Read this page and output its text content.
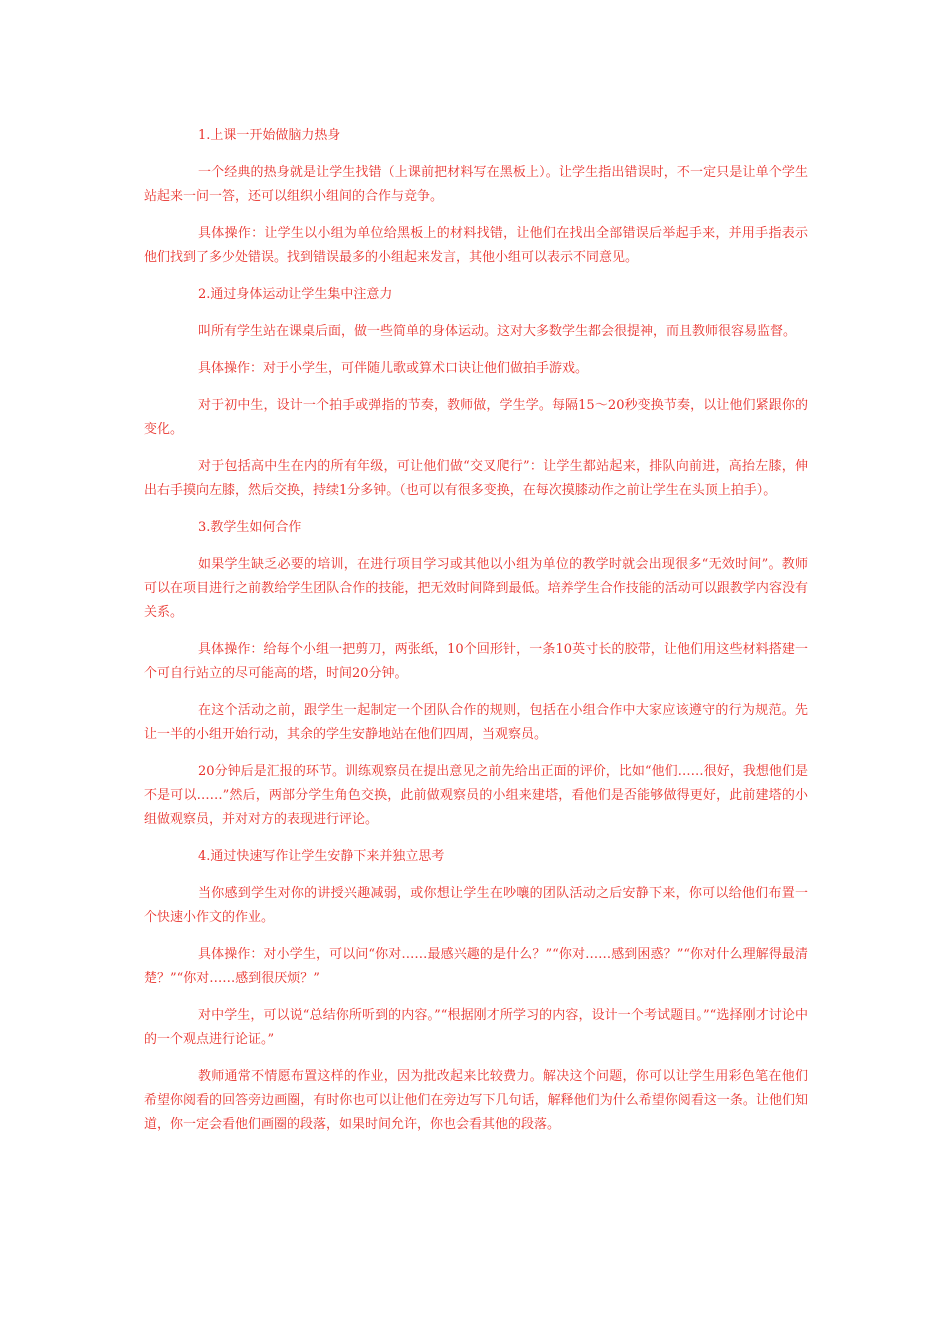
1.上课一开始做脑力热身

一个经典的热身就是让学生找错（上课前把材料写在黑板上）。让学生指出错误时，不一定只是让单个学生站起来一问一答，还可以组织小组间的合作与竞争。

具体操作：让学生以小组为单位给黑板上的材料找错，让他们在找出全部错误后举起手来，并用手指表示他们找到了多少处错误。找到错误最多的小组起来发言，其他小组可以表示不同意见。

2.通过身体运动让学生集中注意力

叫所有学生站在课桌后面，做一些简单的身体运动。这对大多数学生都会很提神，而且教师很容易监督。

具体操作：对于小学生，可伴随儿歌或算术口诀让他们做拍手游戏。

对于初中生，设计一个拍手或弹指的节奏，教师做，学生学。每隔15～20秒变换节奏，以让他们紧跟你的变化。

对于包括高中生在内的所有年级，可让他们做“交叉爬行”：让学生都站起来，排队向前进，高抬左膝，伸出右手摸向左膝，然后交换，持续1分多钟。（也可以有很多变换，在每次摸膝动作之前让学生在头顶上拍手）。

3.教学生如何合作

如果学生缺乏必要的培训，在进行项目学习或其他以小组为单位的教学时就会出现很多“无效时间”。教师可以在项目进行之前教给学生团队合作的技能，把无效时间降到最低。培养学生合作技能的活动可以跟教学内容没有关系。

具体操作：给每个小组一把剪刀，两张纸，10个回形针，一条10英寸长的胶带，让他们用这些材料搭建一个可自行站立的尽可能高的塔，时间20分钟。

在这个活动之前，跟学生一起制定一个团队合作的规则，包括在小组合作中大家应该遵守的行为规范。先让一半的小组开始行动，其余的学生安静地站在他们四周，当观察员。

20分钟后是汇报的环节。训练观察员在提出意见之前先给出正面的评价，比如“他们……很好，我想他们是不是可以……”然后，两部分学生角色交换，此前做观察员的小组来建塔，看他们是否能够做得更好，此前建塔的小组做观察员，并对对方的表现进行评论。

4.通过快速写作让学生安静下来并独立思考

当你感到学生对你的讲授兴趣减弱，或你想让学生在吵嚷的团队活动之后安静下来，你可以给他们布置一个快速小作文的作业。

具体操作：对小学生，可以问“你对……最感兴趣的是什么？”“你对……感到困惑？”“你对什么理解得最清楚？”“你对……感到很厌烦？”

对中学生，可以说“总结你所听到的内容。”“根据刚才所学习的内容，设计一个考试题目。”“选择刚才讨论中的一个观点进行论证。”

教师通常不情愿布置这样的作业，因为批改起来比较费力。解决这个问题，你可以让学生用彩色笔在他们希望你阅看的回答旁边画圈，有时你也可以让他们在旁边写下几句话，解释他们为什么希望你阅看这一条。让他们知道，你一定会看他们画圈的段落，如果时间允许，你也会看其他的段落。
